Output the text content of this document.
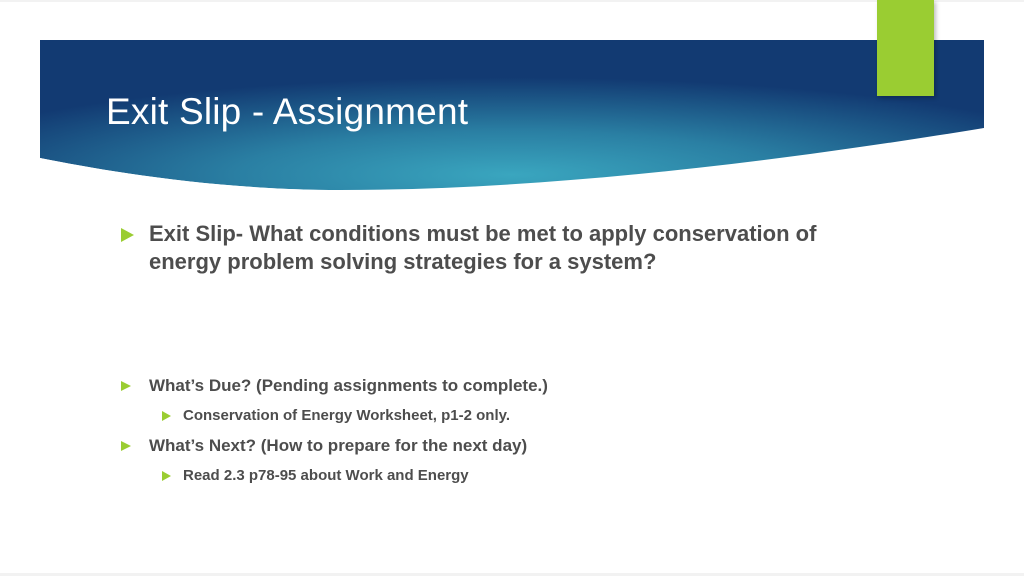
Exit Slip - Assignment
Exit Slip- What conditions must be met to apply conservation of energy problem solving strategies for a system?
What’s Due? (Pending assignments to complete.)
Conservation of Energy Worksheet, p1-2 only.
What’s Next? (How to prepare for the next day)
Read 2.3 p78-95 about Work and Energy
